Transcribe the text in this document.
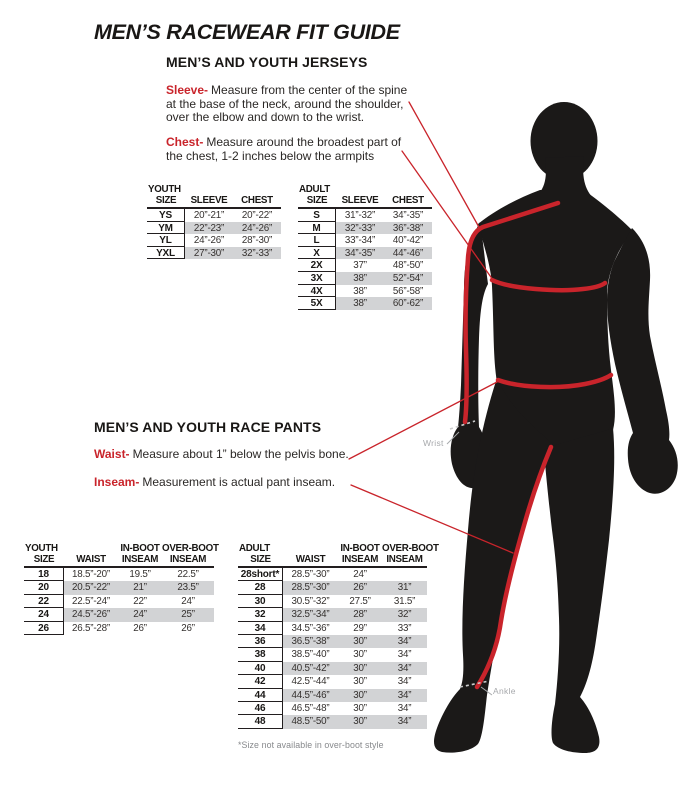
MEN’S RACEWEAR FIT GUIDE
MEN’S AND YOUTH JERSEYS
Sleeve- Measure from the center of the spine at the base of the neck, around the shoulder, over the elbow and down to the wrist.
Chest- Measure around the broadest part of the chest, 1-2 inches below the armpits
MEN’S AND YOUTH RACE PANTS
Waist- Measure about 1” below the pelvis bone.
Inseam- Measurement is actual pant inseam.
YOUTH
SIZE	SLEEVE	CHEST
YS	20”-21”	20”-22”
YM	22”-23”	24”-26”
YL	24”-26”	28”-30”
YXL	27”-30”	32”-33”
ADULT
SIZE	SLEEVE	CHEST
S	31”-32”	34”-35”
M	32”-33”	36”-38”
L	33”-34”	40”-42”
X	34”-35”	44”-46”
2X	37”	48”-50”
3X	38”	52”-54”
4X	38”	56”-58”
5X	38”	60”-62”
YOUTH	IN-BOOT OVER-BOOT
SIZE	WAIST	INSEAM	INSEAM
18	18.5”-20”	19.5”	22.5”
20	20.5”-22”	21”	23.5”
22	22.5”-24”	22”	24”
24	24.5”-26”	24”	25”
26	26.5”-28”	26”	26”
ADULT	IN-BOOT OVER-BOOT
SIZE	WAIST	INSEAM INSEAM
28short*	28.5”-30”	24”
28	28.5”-30”	26”	31”
30	30.5”-32”	27.5”	31.5”
32	32.5”-34”	28”	32”
34	34.5”-36”	29”	33”
36	36.5”-38”	30”	34”
38	38.5”-40”	30”	34”
40	40.5”-42”	30”	34”
42	42.5”-44”	30”	34”
44	44.5”-46”	30”	34”
46	46.5”-48”	30”	34”
48	48.5”-50”	30”	34”
*Size not available in over-boot style
Wrist
Ankle
